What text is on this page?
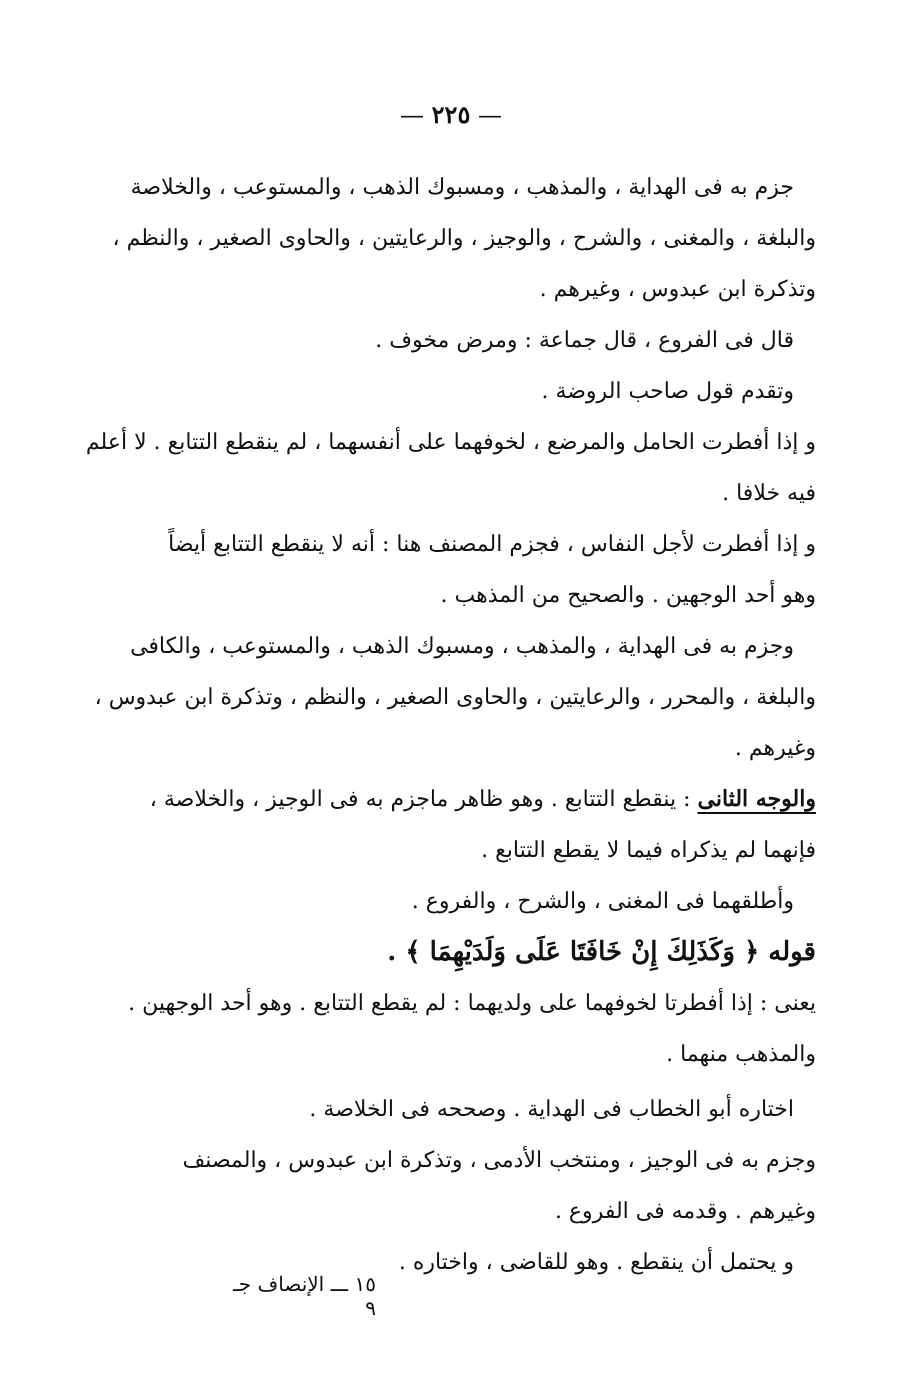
— ٢٢٥ —
جزم به فى الهداية ، والمذهب ، ومسبوك الذهب ، والمستوعب ، والخلاصة
والبلغة ، والمغنى ، والشرح ، والوجيز ، والرعايتين ، والحاوى الصغير ، والنظم ،
وتذكرة ابن عبدوس ، وغيرهم .
قال فى الفروع ، قال جماعة : ومرض مخوف .
وتقدم قول صاحب الروضة .
و إذا أفطرت الحامل والمرضع ، لخوفهما على أنفسهما ، لم ينقطع التتابع . لا أعلم
فيه خلافا .
و إذا أفطرت لأجل النفاس ، فجزم المصنف هنا : أنه لا ينقطع التتابع أيضاً
وهو أحد الوجهين . والصحيح من المذهب .
وجزم به فى الهداية ، والمذهب ، ومسبوك الذهب ، والمستوعب ، والكافى
والبلغة ، والمحرر ، والرعايتين ، والحاوى الصغير ، والنظم ، وتذكرة ابن عبدوس ،
وغيرهم .
والوجه الثانى : ينقطع التتابع . وهو ظاهر ماجزم به فى الوجيز ، والخلاصة ،
فإنهما لم يذكراه فيما لا يقطع التتابع .
وأطلقهما فى المغنى ، والشرح ، والفروع .
قوله ﴿ وَكَذَلِكَ إِنْ خَافَتَا عَلَى وَلَدَيْهِمَا ﴾ .
يعنى : إذا أفطرتا لخوفهما على ولديهما : لم يقطع التتابع . وهو أحد الوجهين .
والمذهب منهما .
اختاره أبو الخطاب فى الهداية . وصححه فى الخلاصة .
وجزم به فى الوجيز ، ومنتخب الأدمى ، وتذكرة ابن عبدوس ، والمصنف
وغيرهم . وقدمه فى الفروع .
و يحتمل أن ينقطع . وهو للقاضى ، واختاره .
١٥ ـــ الإنصاف جـ ٩
